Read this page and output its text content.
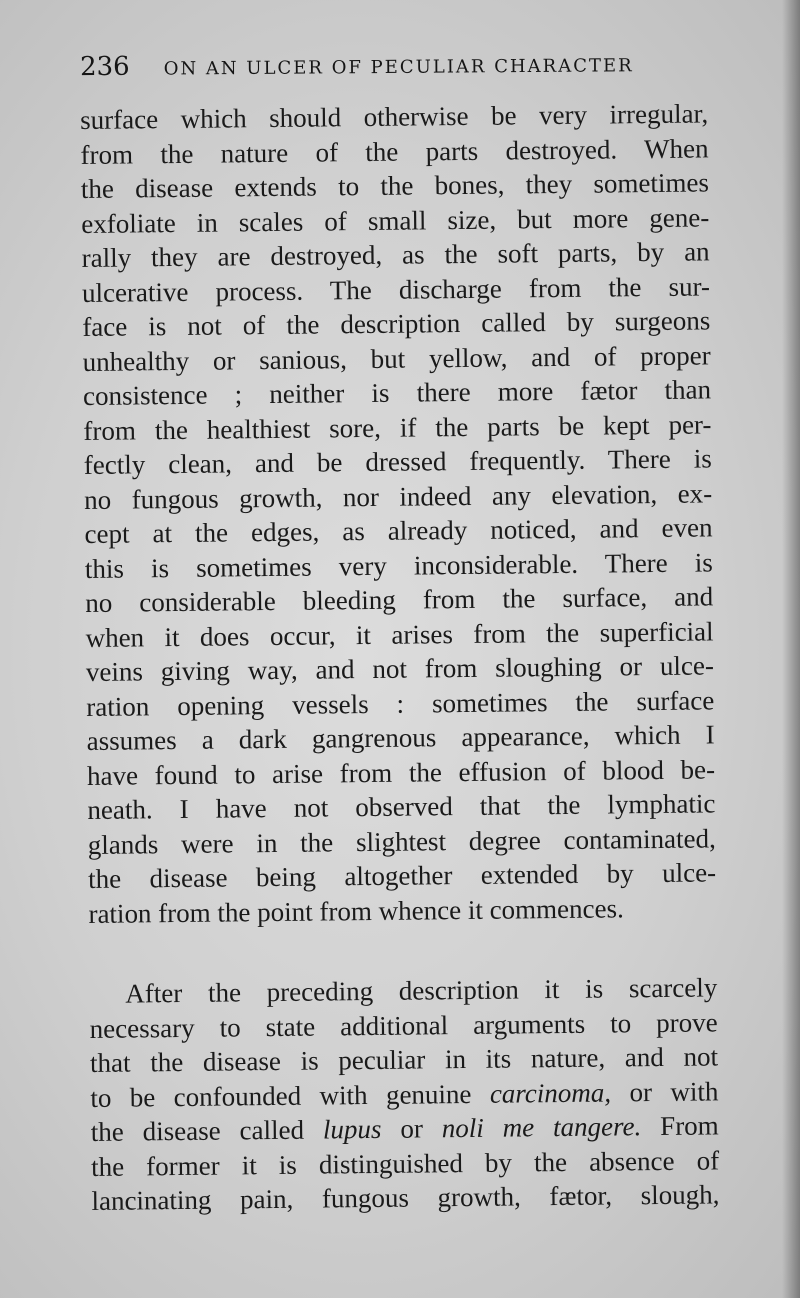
236 ON AN ULCER OF PECULIAR CHARACTER

surface which should otherwise be very irregular,
from the nature of the parts destroyed. When
the disease extends to the bones, they sometimes
exfoliate in scales of small size, but more gene-
rally they are destroyed, as the soft parts, by an
ulcerative process. The discharge from the sur-
face is not of the description called by surgeons
unhealthy or sanious, but yellow, and of proper
consistence ; neither is there more fætor than
from the healthiest sore, if the parts be kept per-
fectly clean, and be dressed frequently. There is
no fungous growth, nor indeed any elevation, ex-
cept at the edges, as already noticed, and even
this is sometimes very inconsiderable. There is
no considerable bleeding from the surface, and
when it does occur, it arises from the superficial
veins giving way, and not from sloughing or ulce-
ration opening vessels : sometimes the surface
assumes a dark gangrenous appearance, which I
have found to arise from the effusion of blood be-
neath. I have not observed that the lymphatic
glands were in the slightest degree contaminated,
the disease being altogether extended by ulce-
ration from the point from whence it commences.

After the preceding description it is scarcely
necessary to state additional arguments to prove
that the disease is peculiar in its nature, and not
to be confounded with genuine carcinoma, or with
the disease called lupus or noli me tangere. From
the former it is distinguished by the absence of
lancinating pain, fungous growth, fætor, slough,
